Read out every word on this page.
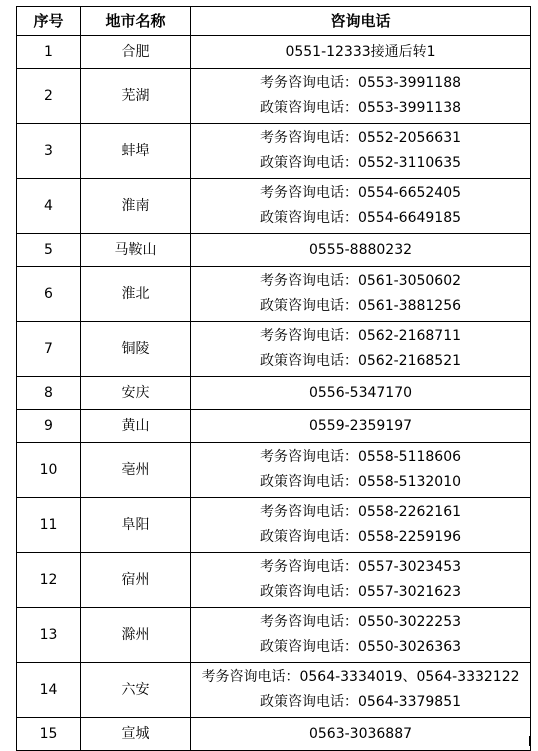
序号	地市名称	咨询电话
1	合肥	0551-12333接通后转1

2	芜湖	考务咨询电话：0553-3991188
政策咨询电话：0553-3991138

3	蚌埠	考务咨询电话：0552-2056631
政策咨询电话：0552-3110635

4	淮南	考务咨询电话：0554-6652405
政策咨询电话：0554-6649185

5	马鞍山	0555-8880232

6	淮北	考务咨询电话：0561-3050602
政策咨询电话：0561-3881256

7	铜陵	考务咨询电话：0562-2168711
政策咨询电话：0562-2168521

8	安庆	0556-5347170

9	黄山	0559-2359197

10	亳州	考务咨询电话：0558-5118606
政策咨询电话：0558-5132010

11	阜阳	考务咨询电话：0558-2262161
政策咨询电话：0558-2259196

12	宿州	考务咨询电话：0557-3023453
政策咨询电话：0557-3021623

13	滁州	考务咨询电话：0550-3022253
政策咨询电话：0550-3026363

14	六安	考务咨询电话：0564-3334019、0564-3332122
政策咨询电话：0564-3379851

15	宣城	0563-3036887
